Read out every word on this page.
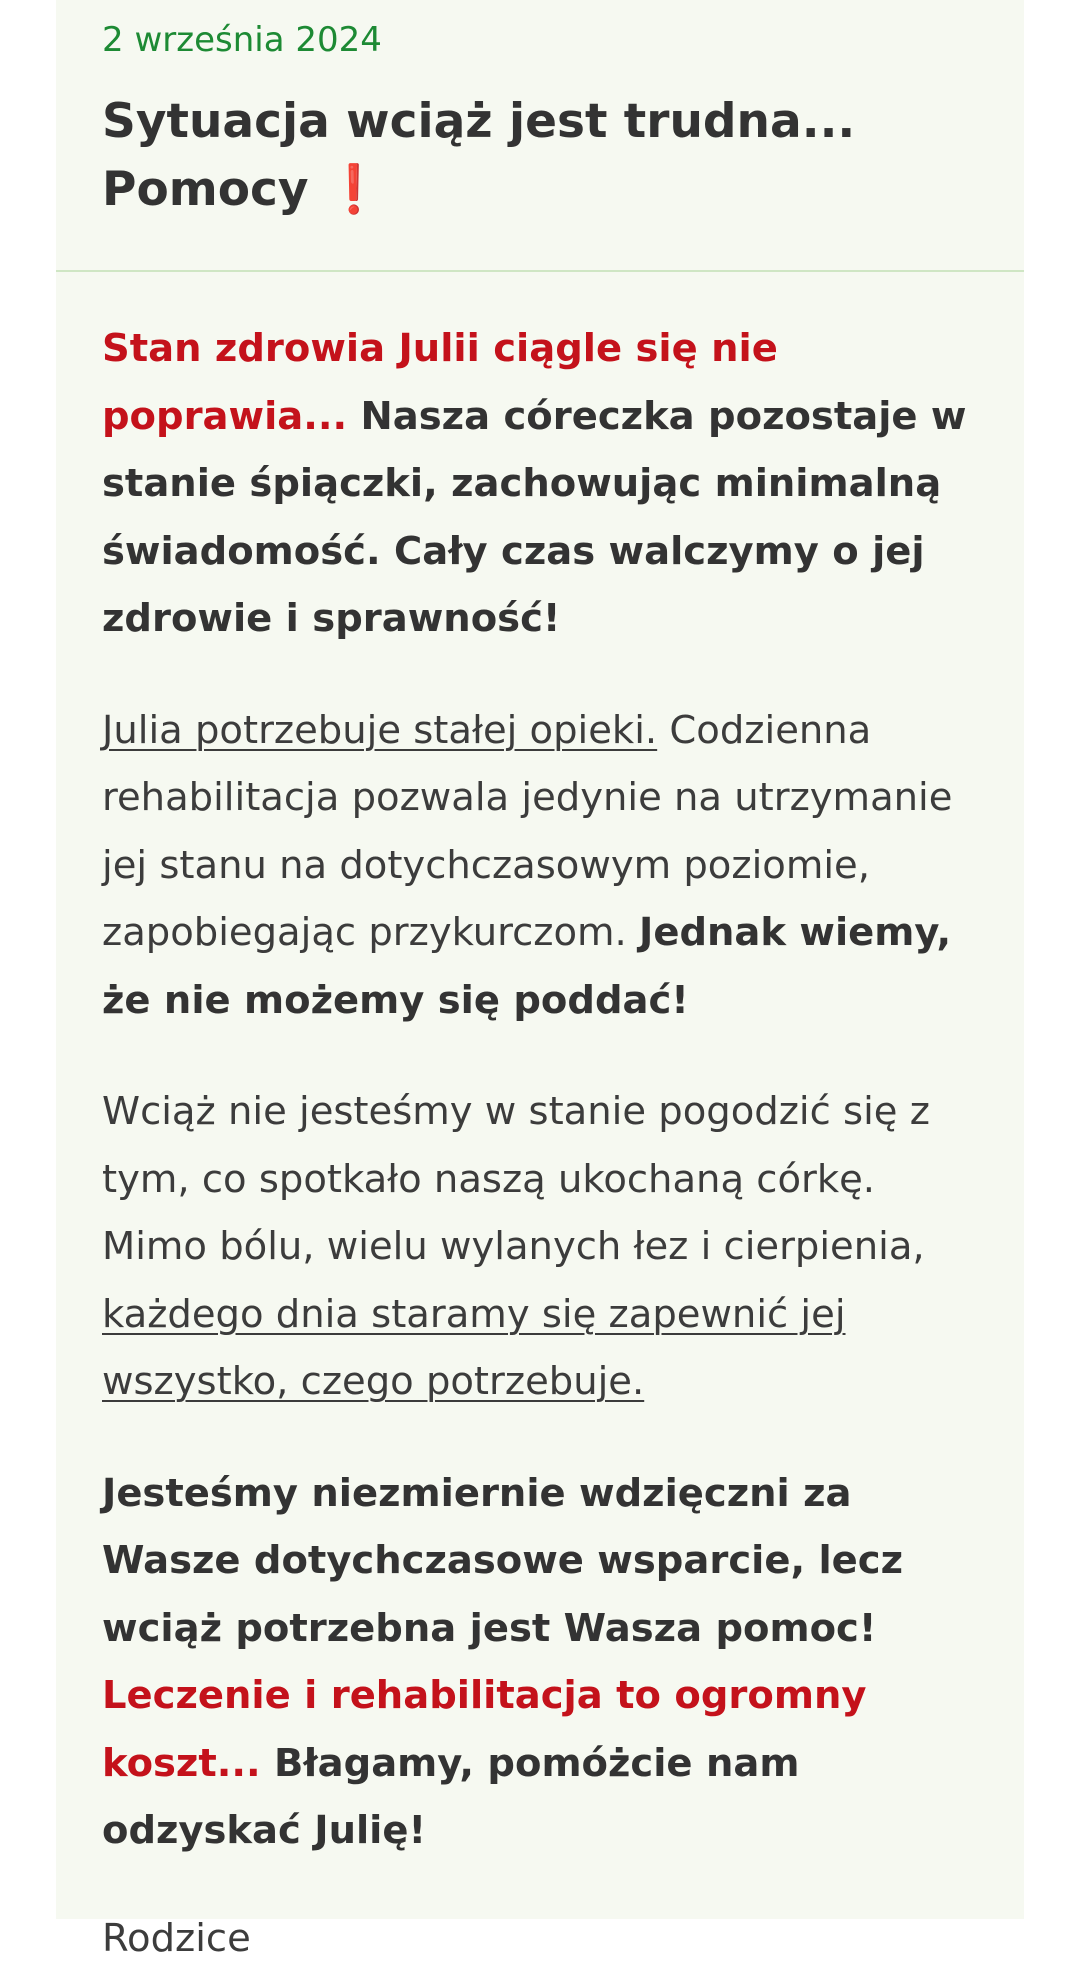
2 września 2024
Sytuacja wciąż jest trudna...
Pomocy ❗

Stan zdrowia Julii ciągle się nie poprawia... Nasza córeczka pozostaje w stanie śpiączki, zachowując minimalną świadomość. Cały czas walczymy o jej zdrowie i sprawność!

Julia potrzebuje stałej opieki. Codzienna rehabilitacja pozwala jedynie na utrzymanie jej stanu na dotychczasowym poziomie, zapobiegając przykurczom. Jednak wiemy, że nie możemy się poddać!

Wciąż nie jesteśmy w stanie pogodzić się z tym, co spotkało naszą ukochaną córkę. Mimo bólu, wielu wylanych łez i cierpienia, każdego dnia staramy się zapewnić jej wszystko, czego potrzebuje.

Jesteśmy niezmiernie wdzięczni za Wasze dotychczasowe wsparcie, lecz wciąż potrzebna jest Wasza pomoc! Leczenie i rehabilitacja to ogromny koszt... Błagamy, pomóżcie nam odzyskać Julię!

Rodzice
